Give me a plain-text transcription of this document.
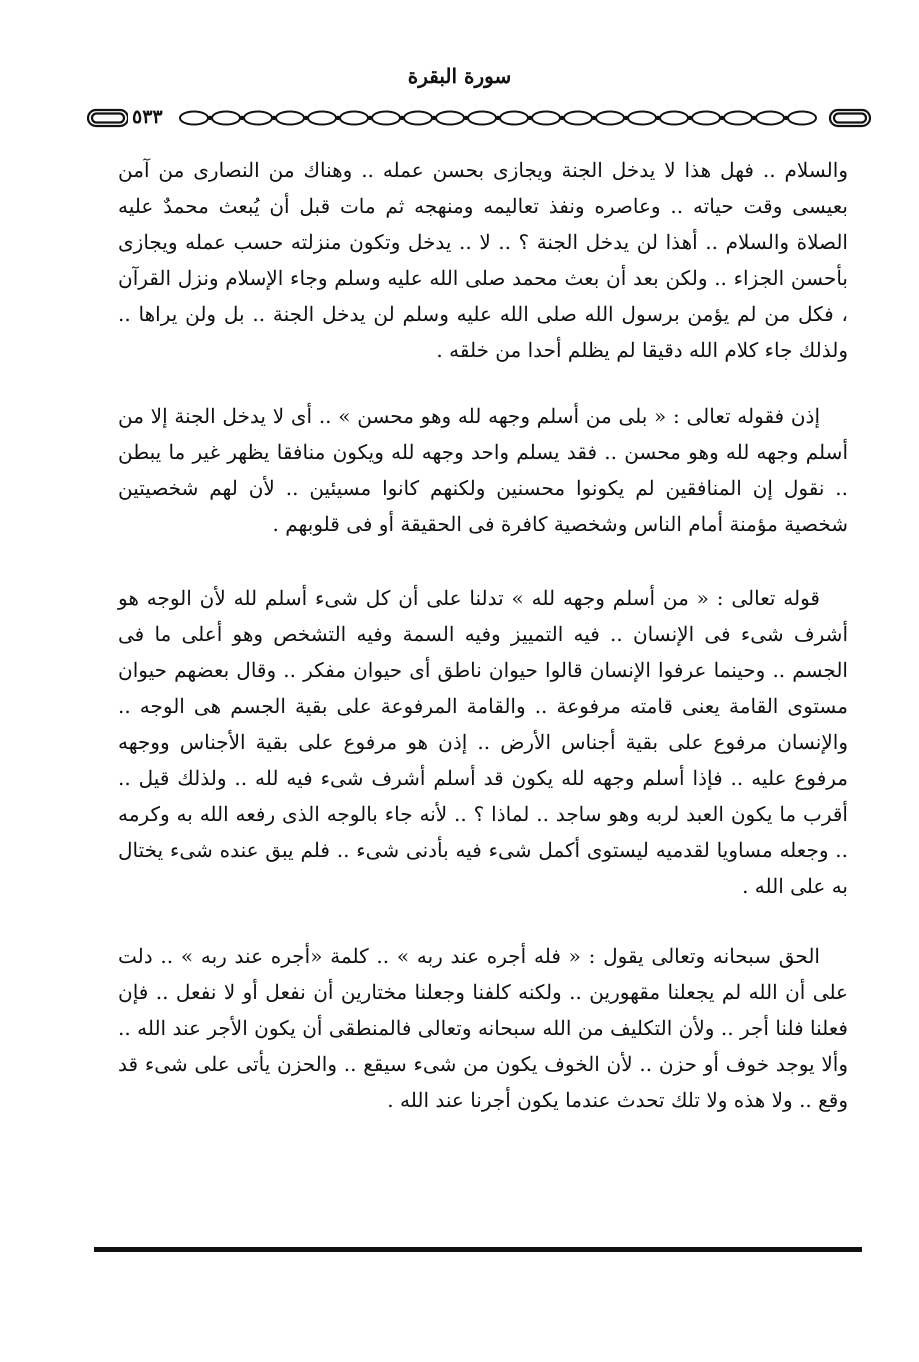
سورة البقرة
٥٣٣

والسلام .. فهل هذا لا يدخل الجنة ويجازى بحسن عمله .. وهناك من النصارى من آمن بعيسى وقت حياته .. وعاصره ونفذ تعاليمه ومنهجه ثم مات قبل أن يُبعث محمدٌ عليه الصلاة والسلام .. أهذا لن يدخل الجنة ؟ .. لا .. يدخل وتكون منزلته حسب عمله ويجازى بأحسن الجزاء .. ولكن بعد أن بعث محمد صلى الله عليه وسلم وجاء الإسلام ونزل القرآن ، فكل من لم يؤمن برسول الله صلى الله عليه وسلم لن يدخل الجنة .. بل ولن يراها .. ولذلك جاء كلام الله دقيقا لم يظلم أحدا من خلقه .

إذن فقوله تعالى : « بلى من أسلم وجهه لله وهو محسن » .. أى لا يدخل الجنة إلا من أسلم وجهه لله وهو محسن .. فقد يسلم واحد وجهه لله ويكون منافقا يظهر غير ما يبطن .. نقول إن المنافقين لم يكونوا محسنين ولكنهم كانوا مسيئين .. لأن لهم شخصيتين شخصية مؤمنة أمام الناس وشخصية كافرة فى الحقيقة أو فى قلوبهم .

قوله تعالى : « من أسلم وجهه لله » تدلنا على أن كل شىء أسلم لله لأن الوجه هو أشرف شىء فى الإنسان .. فيه التمييز وفيه السمة وفيه التشخص وهو أعلى ما فى الجسم .. وحينما عرفوا الإنسان قالوا حيوان ناطق أى حيوان مفكر .. وقال بعضهم حيوان مستوى القامة يعنى قامته مرفوعة .. والقامة المرفوعة على بقية الجسم هى الوجه .. والإنسان مرفوع على بقية أجناس الأرض .. إذن هو مرفوع على بقية الأجناس ووجهه مرفوع عليه .. فإذا أسلم وجهه لله يكون قد أسلم أشرف شىء فيه لله .. ولذلك قيل .. أقرب ما يكون العبد لربه وهو ساجد .. لماذا ؟ .. لأنه جاء بالوجه الذى رفعه الله به وكرمه .. وجعله مساويا لقدميه ليستوى أكمل شىء فيه بأدنى شىء .. فلم يبق عنده شىء يختال به على الله .

الحق سبحانه وتعالى يقول : « فله أجره عند ربه » .. كلمة «أجره عند ربه » .. دلت على أن الله لم يجعلنا مقهورين .. ولكنه كلفنا وجعلنا مختارين أن نفعل أو لا نفعل .. فإن فعلنا فلنا أجر .. ولأن التكليف من الله سبحانه وتعالى فالمنطقى أن يكون الأجر عند الله .. وألا يوجد خوف أو حزن .. لأن الخوف يكون من شىء سيقع .. والحزن يأتى على شىء قد وقع .. ولا هذه ولا تلك تحدث عندما يكون أجرنا عند الله .
